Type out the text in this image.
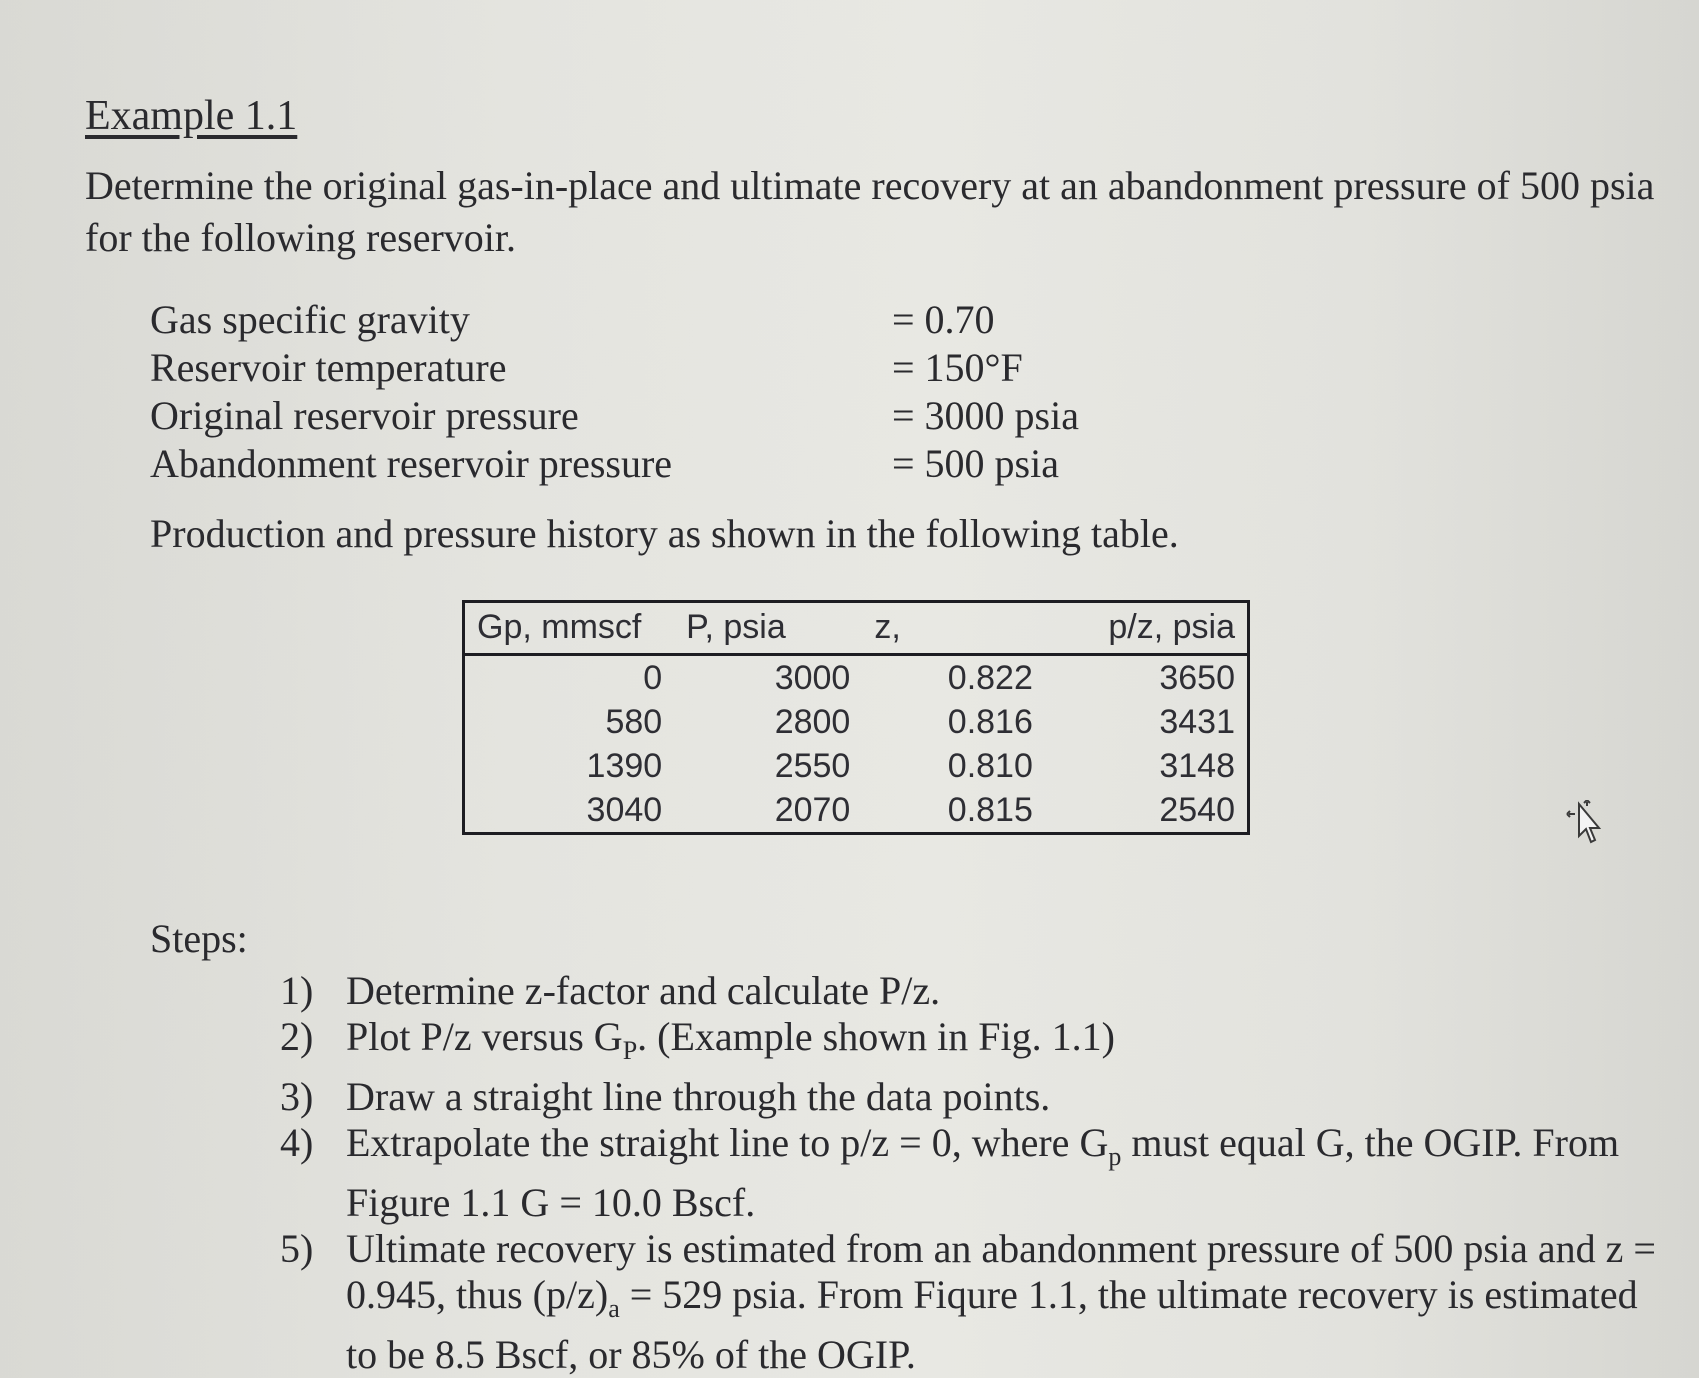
Example 1.1
Determine the original gas-in-place and ultimate recovery at an abandonment pressure of 500 psia for the following reservoir.
Gas specific gravity	= 0.70
Reservoir temperature	= 150°F
Original reservoir pressure	= 3000 psia
Abandonment reservoir pressure	= 500 psia
Production and pressure history as shown in the following table.
Gp, mmscf	P, psia	z,	p/z, psia
0	3000	0.822	3650
580	2800	0.816	3431
1390	2550	0.810	3148
3040	2070	0.815	2540
Steps:
1) Determine z-factor and calculate P/z.
2) Plot P/z versus $G_P$. (Example shown in Fig. 1.1)
3) Draw a straight line through the data points.
4) Extrapolate the straight line to p/z = 0, where $G_p$ must equal G, the OGIP. From Figure 1.1 G = 10.0 Bscf.
5) Ultimate recovery is estimated from an abandonment pressure of 500 psia and z = 0.945, thus $(p/z)_a = 529$ psia. From Fiqure 1.1, the ultimate recovery is estimated to be 8.5 Bscf, or 85% of the OGIP.
